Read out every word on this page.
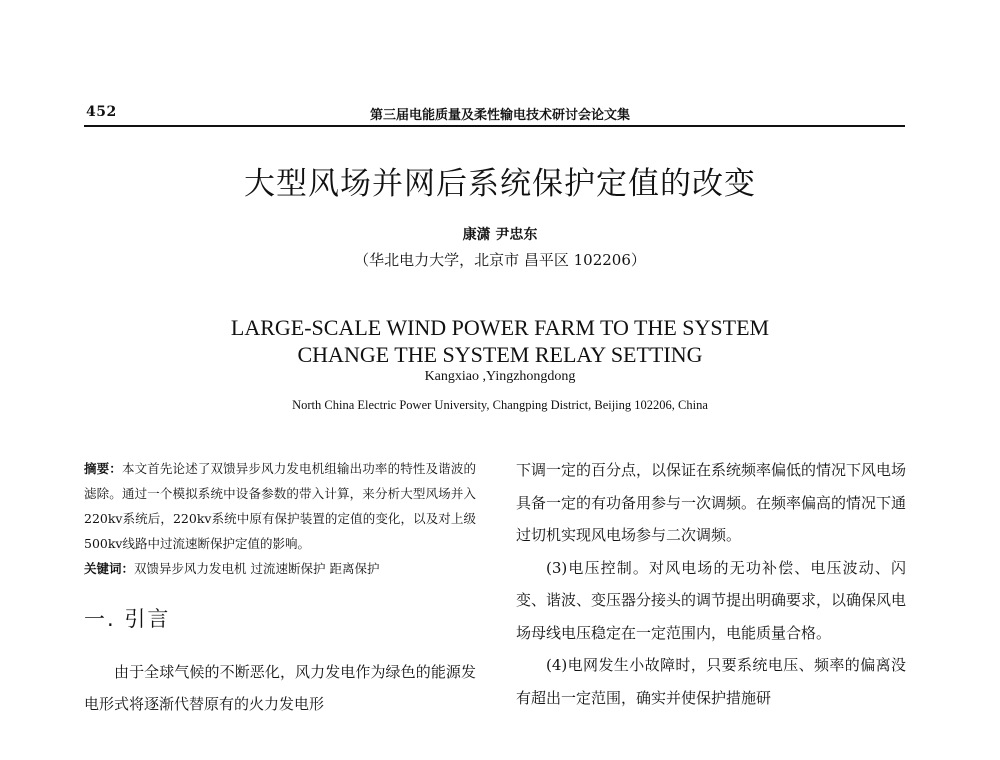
452	第三届电能质量及柔性输电技术研讨会论文集
大型风场并网后系统保护定值的改变
康潇 尹忠东
（华北电力大学，北京市 昌平区 102206）
LARGE-SCALE WIND POWER FARM TO THE SYSTEM
CHANGE THE SYSTEM RELAY SETTING
Kangxiao ,Yingzhongdong
North China Electric Power University, Changping District, Beijing 102206, China

摘要：本文首先论述了双馈异步风力发电机组输出功率的特性及谐波的滤除。通过一个模拟系统中设备参数的带入计算，来分析大型风场并入220kv系统后，220kv系统中原有保护装置的定值的变化，以及对上级500kv线路中过流速断保护定值的影响。

关键词：双馈异步风力发电机 过流速断保护 距离保护

一. 引言

由于全球气候的不断恶化，风力发电作为绿色的能源发电形式将逐渐代替原有的火力发电形

下调一定的百分点，以保证在系统频率偏低的情况下风电场具备一定的有功备用参与一次调频。在频率偏高的情况下通过切机实现风电场参与二次调频。

(3)电压控制。对风电场的无功补偿、电压波动、闪变、谐波、变压器分接头的调节提出明确要求，以确保风电场母线电压稳定在一定范围内，电能质量合格。

(4)电网发生小故障时，只要系统电压、频率的偏离没有超出一定范围，确实并使保护措施研
